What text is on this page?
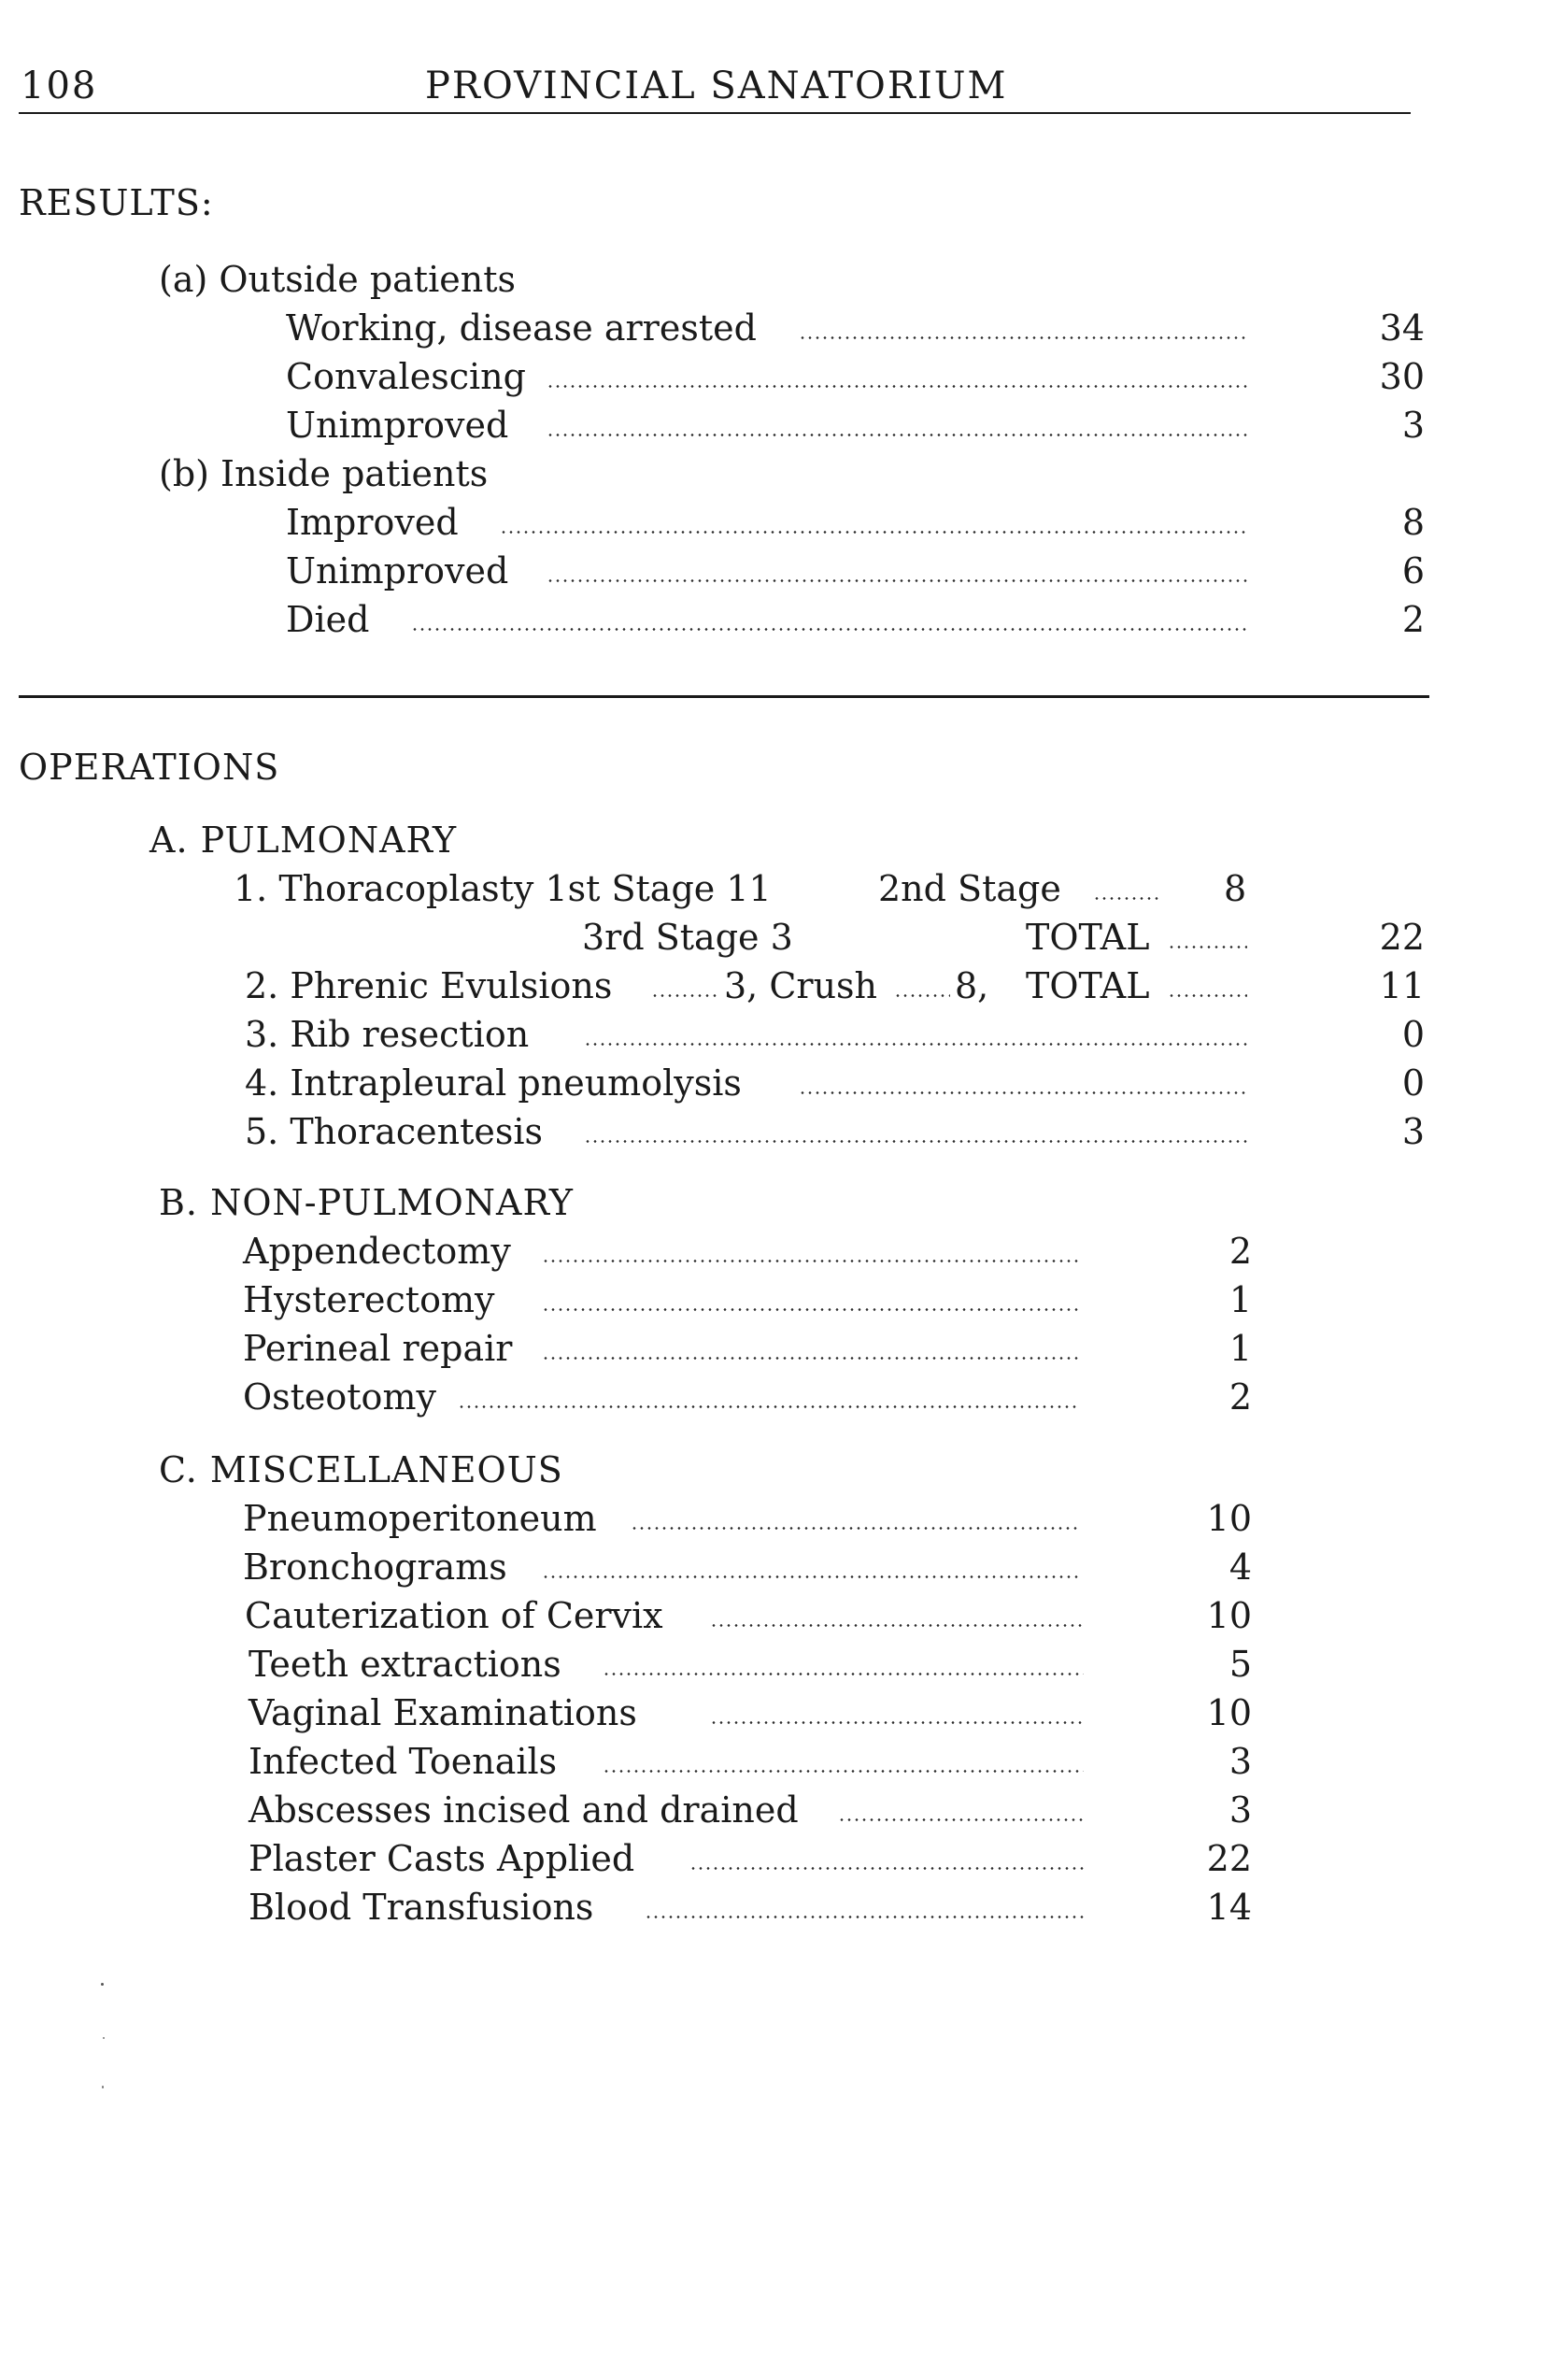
108	PROVINCIAL SANATORIUM
RESULTS:
(a) Outside patients
Working, disease arrested	34
Convalescing	30
Unimproved	3
(b) Inside patients
Improved	8
Unimproved	6
Died	2
OPERATIONS
A. PULMONARY
1. Thoracoplasty 1st Stage 11	2nd Stage	8
3rd Stage 3	TOTAL	22
2. Phrenic Evulsions	3, Crush 8, TOTAL	11
3. Rib resection	0
4. Intrapleural pneumolysis	0
5. Thoracentesis	3
B. NON-PULMONARY
Appendectomy	2
Hysterectomy	1
Perineal repair	1
Osteotomy	2
C. MISCELLANEOUS
Pneumoperitoneum	10
Bronchograms	4
Cauterization of Cervix	10
Teeth extractions	5
Vaginal Examinations	10
Infected Toenails	3
Abscesses incised and drained	3
Plaster Casts Applied	22
Blood Transfusions	14
